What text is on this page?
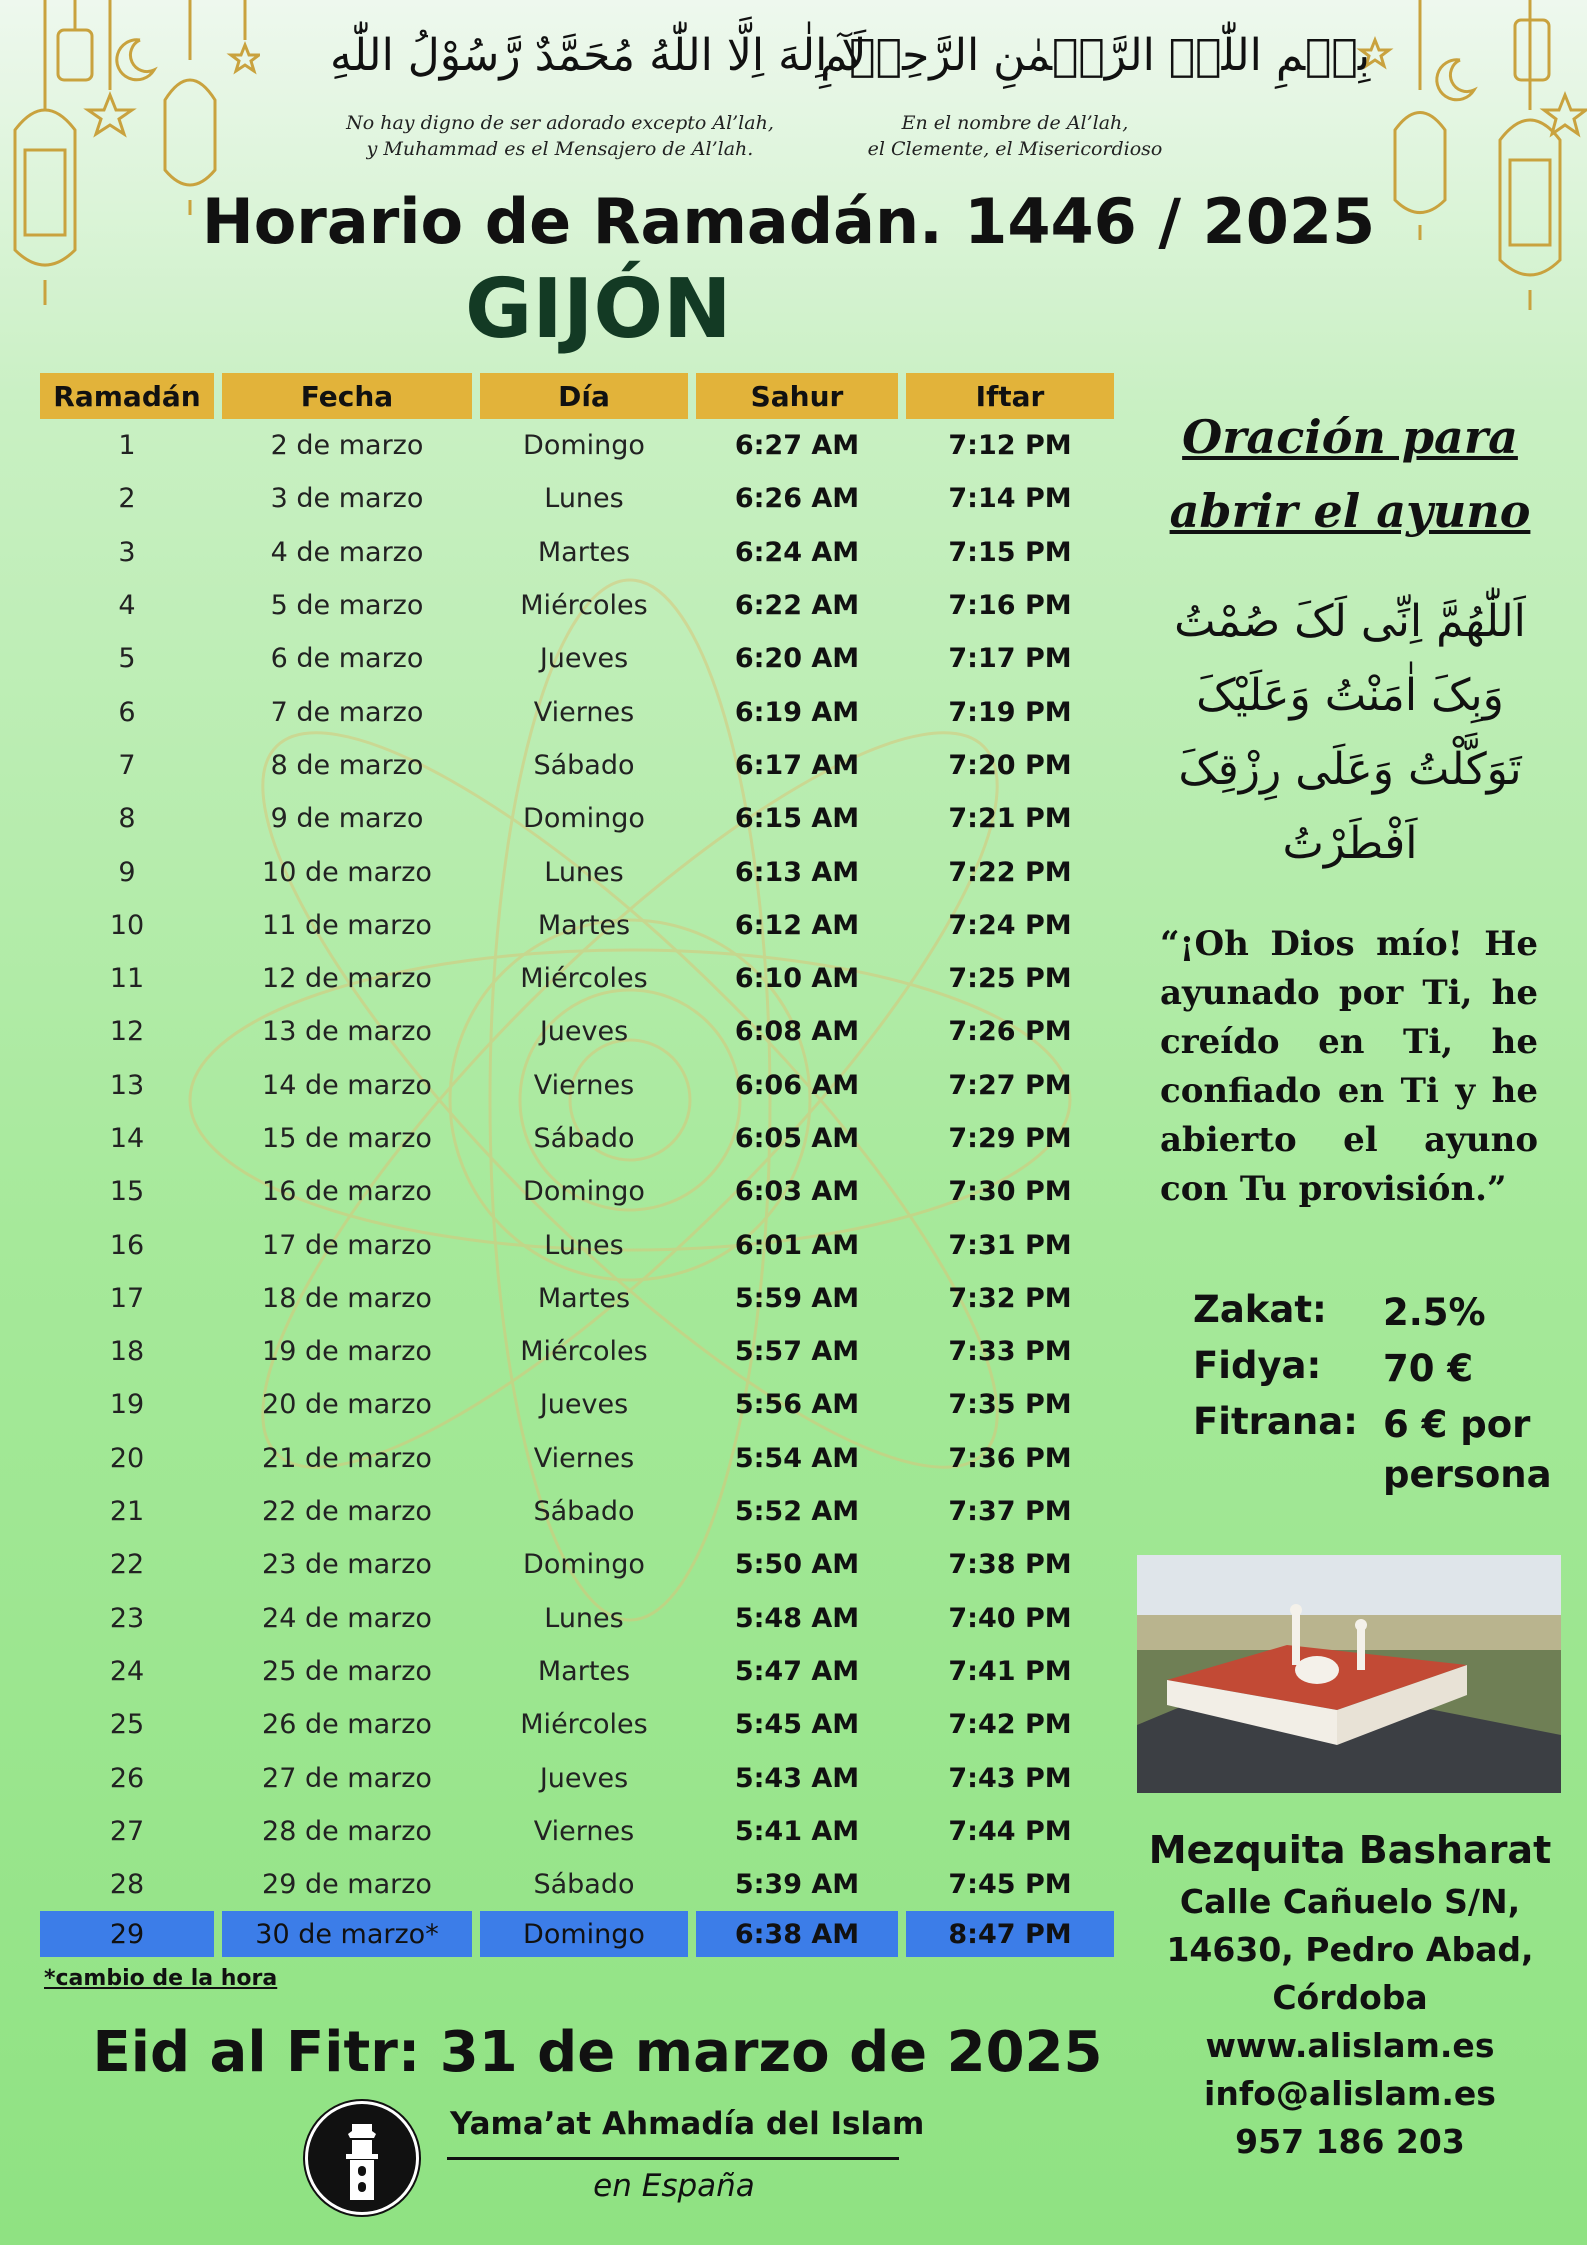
لَآ اِلٰهَ اِلَّا اللّٰهُ مُحَمَّدٌ رَّسُوْلُ اللّٰهِ
No hay digno de ser adorado excepto Al’lah,
y Muhammad es el Mensajero de Al’lah.
بِسۡمِ اللّٰہِ الرَّحۡمٰنِ الرَّحِیۡمِ
En el nombre de Al’lah,
el Clemente, el Misericordioso
Horario de Ramadán. 1446 / 2025
GIJÓN
Ramadán	Fecha	Día	Sahur	Iftar
1	2 de marzo	Domingo	6:27 AM	7:12 PM
2	3 de marzo	Lunes	6:26 AM	7:14 PM
3	4 de marzo	Martes	6:24 AM	7:15 PM
4	5 de marzo	Miércoles	6:22 AM	7:16 PM
5	6 de marzo	Jueves	6:20 AM	7:17 PM
6	7 de marzo	Viernes	6:19 AM	7:19 PM
7	8 de marzo	Sábado	6:17 AM	7:20 PM
8	9 de marzo	Domingo	6:15 AM	7:21 PM
9	10 de marzo	Lunes	6:13 AM	7:22 PM
10	11 de marzo	Martes	6:12 AM	7:24 PM
11	12 de marzo	Miércoles	6:10 AM	7:25 PM
12	13 de marzo	Jueves	6:08 AM	7:26 PM
13	14 de marzo	Viernes	6:06 AM	7:27 PM
14	15 de marzo	Sábado	6:05 AM	7:29 PM
15	16 de marzo	Domingo	6:03 AM	7:30 PM
16	17 de marzo	Lunes	6:01 AM	7:31 PM
17	18 de marzo	Martes	5:59 AM	7:32 PM
18	19 de marzo	Miércoles	5:57 AM	7:33 PM
19	20 de marzo	Jueves	5:56 AM	7:35 PM
20	21 de marzo	Viernes	5:54 AM	7:36 PM
21	22 de marzo	Sábado	5:52 AM	7:37 PM
22	23 de marzo	Domingo	5:50 AM	7:38 PM
23	24 de marzo	Lunes	5:48 AM	7:40 PM
24	25 de marzo	Martes	5:47 AM	7:41 PM
25	26 de marzo	Miércoles	5:45 AM	7:42 PM
26	27 de marzo	Jueves	5:43 AM	7:43 PM
27	28 de marzo	Viernes	5:41 AM	7:44 PM
28	29 de marzo	Sábado	5:39 AM	7:45 PM
29	30 de marzo*	Domingo	6:38 AM	8:47 PM
*cambio de la hora
Eid al Fitr: 31 de marzo de 2025
Yama’at Ahmadía del Islam
en España
Oración para
abrir el ayuno
اَللّٰھُمَّ اِنِّی لَکَ صُمْتُ
وَبِکَ اٰمَنْتُ وَعَلَیْکَ
تَوَکَّلْتُ وَعَلَی رِزْقِکَ
اَفْطَرْتُ
“¡Oh Dios mío! He ayunado por Ti, he creído en Ti, he confiado en Ti y he abierto el ayuno con Tu provisión.”
Zakat:	2.5%
Fidya:	70 €
Fitrana: 6 € por
persona
Mezquita Basharat
Calle Cañuelo S/N,
14630, Pedro Abad,
Córdoba
www.alislam.es
info@alislam.es
957 186 203
